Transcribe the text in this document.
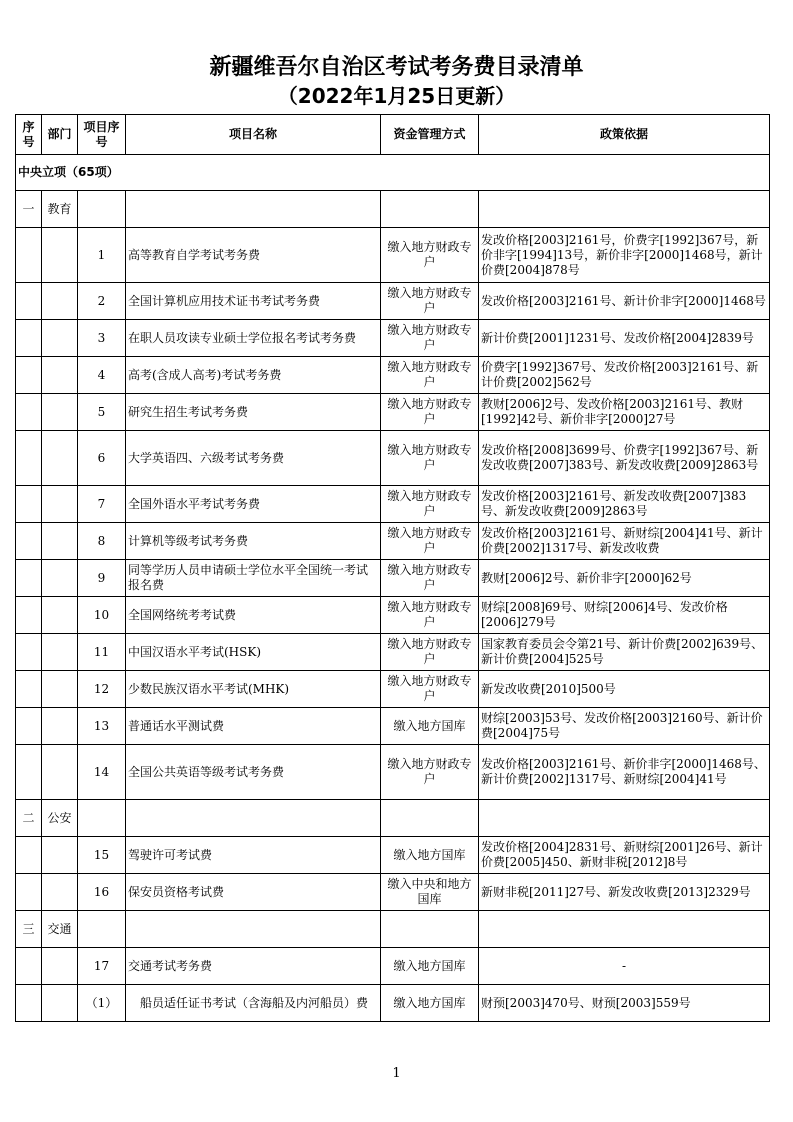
新疆维吾尔自治区考试考务费目录清单
（2022年1月25日更新）
序号	部门	项目序号	项目名称	资金管理方式	政策依据
中央立项（65项）					
一	教育				
		1	高等教育自学考试考务费	缴入地方财政专户	发改价格[2003]2161号，价费字[1992]367号，新价非字[1994]13号，新价非字[2000]1468号，新计价费[2004]878号
		2	全国计算机应用技术证书考试考务费	缴入地方财政专户	发改价格[2003]2161号、新计价非字[2000]1468号
		3	在职人员攻读专业硕士学位报名考试考务费	缴入地方财政专户	新计价费[2001]1231号、发改价格[2004]2839号
		4	高考(含成人高考)考试考务费	缴入地方财政专户	价费字[1992]367号、发改价格[2003]2161号、新计价费[2002]562号
		5	研究生招生考试考务费	缴入地方财政专户	教财[2006]2号、发改价格[2003]2161号、教财[1992]42号、新价非字[2000]27号
		6	大学英语四、六级考试考务费	缴入地方财政专户	发改价格[2008]3699号、价费字[1992]367号、新发改收费[2007]383号、新发改收费[2009]2863号
		7	全国外语水平考试考务费	缴入地方财政专户	发改价格[2003]2161号、新发改收费[2007]383号、新发改收费[2009]2863号
		8	计算机等级考试考务费	缴入地方财政专户	发改价格[2003]2161号、新财综[2004]41号、新计价费[2002]1317号、新发改收费
		9	同等学历人员申请硕士学位水平全国统一考试报名费	缴入地方财政专户	教财[2006]2号、新价非字[2000]62号
		10	全国网络统考考试费	缴入地方财政专户	财综[2008]69号、财综[2006]4号、发改价格[2006]279号
		11	中国汉语水平考试(HSK)	缴入地方财政专户	国家教育委员会令第21号、新计价费[2002]639号、新计价费[2004]525号
		12	少数民族汉语水平考试(MHK)	缴入地方财政专户	新发改收费[2010]500号
		13	普通话水平测试费	缴入地方国库	财综[2003]53号、发改价格[2003]2160号、新计价费[2004]75号
		14	全国公共英语等级考试考务费	缴入地方财政专户	发改价格[2003]2161号、新价非字[2000]1468号、新计价费[2002]1317号、新财综[2004]41号
二	公安				
		15	驾驶许可考试费	缴入地方国库	发改价格[2004]2831号、新财综[2001]26号、新计价费[2005]450、新财非税[2012]8号
		16	保安员资格考试费	缴入中央和地方国库	新财非税[2011]27号、新发改收费[2013]2329号
三	交通				
		17	交通考试考务费	缴入地方国库	-
		（1）	船员适任证书考试（含海船及内河船员）费	缴入地方国库	财预[2003]470号、财预[2003]559号
1
